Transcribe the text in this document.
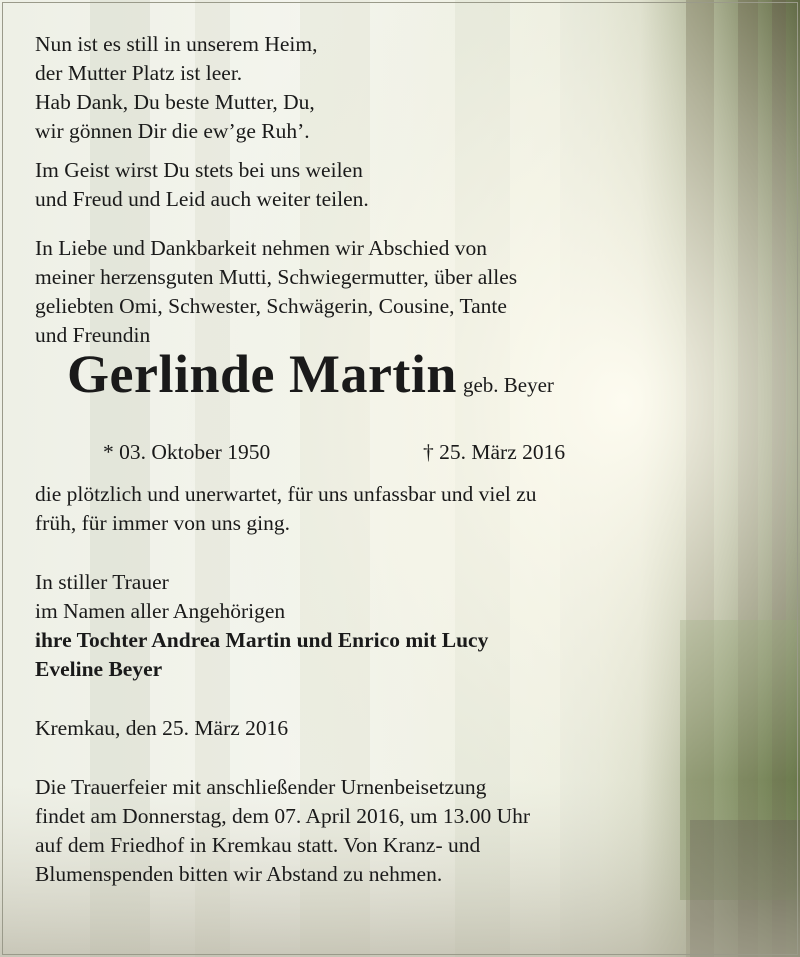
Nun ist es still in unserem Heim,

der Mutter Platz ist leer.

Hab Dank, Du beste Mutter, Du,

wir gönnen Dir die ew’ge Ruh’.

Im Geist wirst Du stets bei uns weilen

und Freud und Leid auch weiter teilen.

In Liebe und Dankbarkeit nehmen wir Abschied von

meiner herzensguten Mutti, Schwiegermutter, über alles

geliebten Omi, Schwester, Schwägerin, Cousine, Tante

und Freundin

Gerlinde Martin geb. Beyer
* 03. Oktober 1950	† 25. März 2016

die plötzlich und unerwartet, für uns unfassbar und viel zu

früh, für immer von uns ging.

In stiller Trauer

im Namen aller Angehörigen

ihre Tochter Andrea Martin und Enrico mit Lucy

Eveline Beyer

Kremkau, den 25. März 2016

Die Trauerfeier mit anschließender Urnenbeisetzung

findet am Donnerstag, dem 07. April 2016, um 13.00 Uhr

auf dem Friedhof in Kremkau statt. Von Kranz- und

Blumenspenden bitten wir Abstand zu nehmen.
